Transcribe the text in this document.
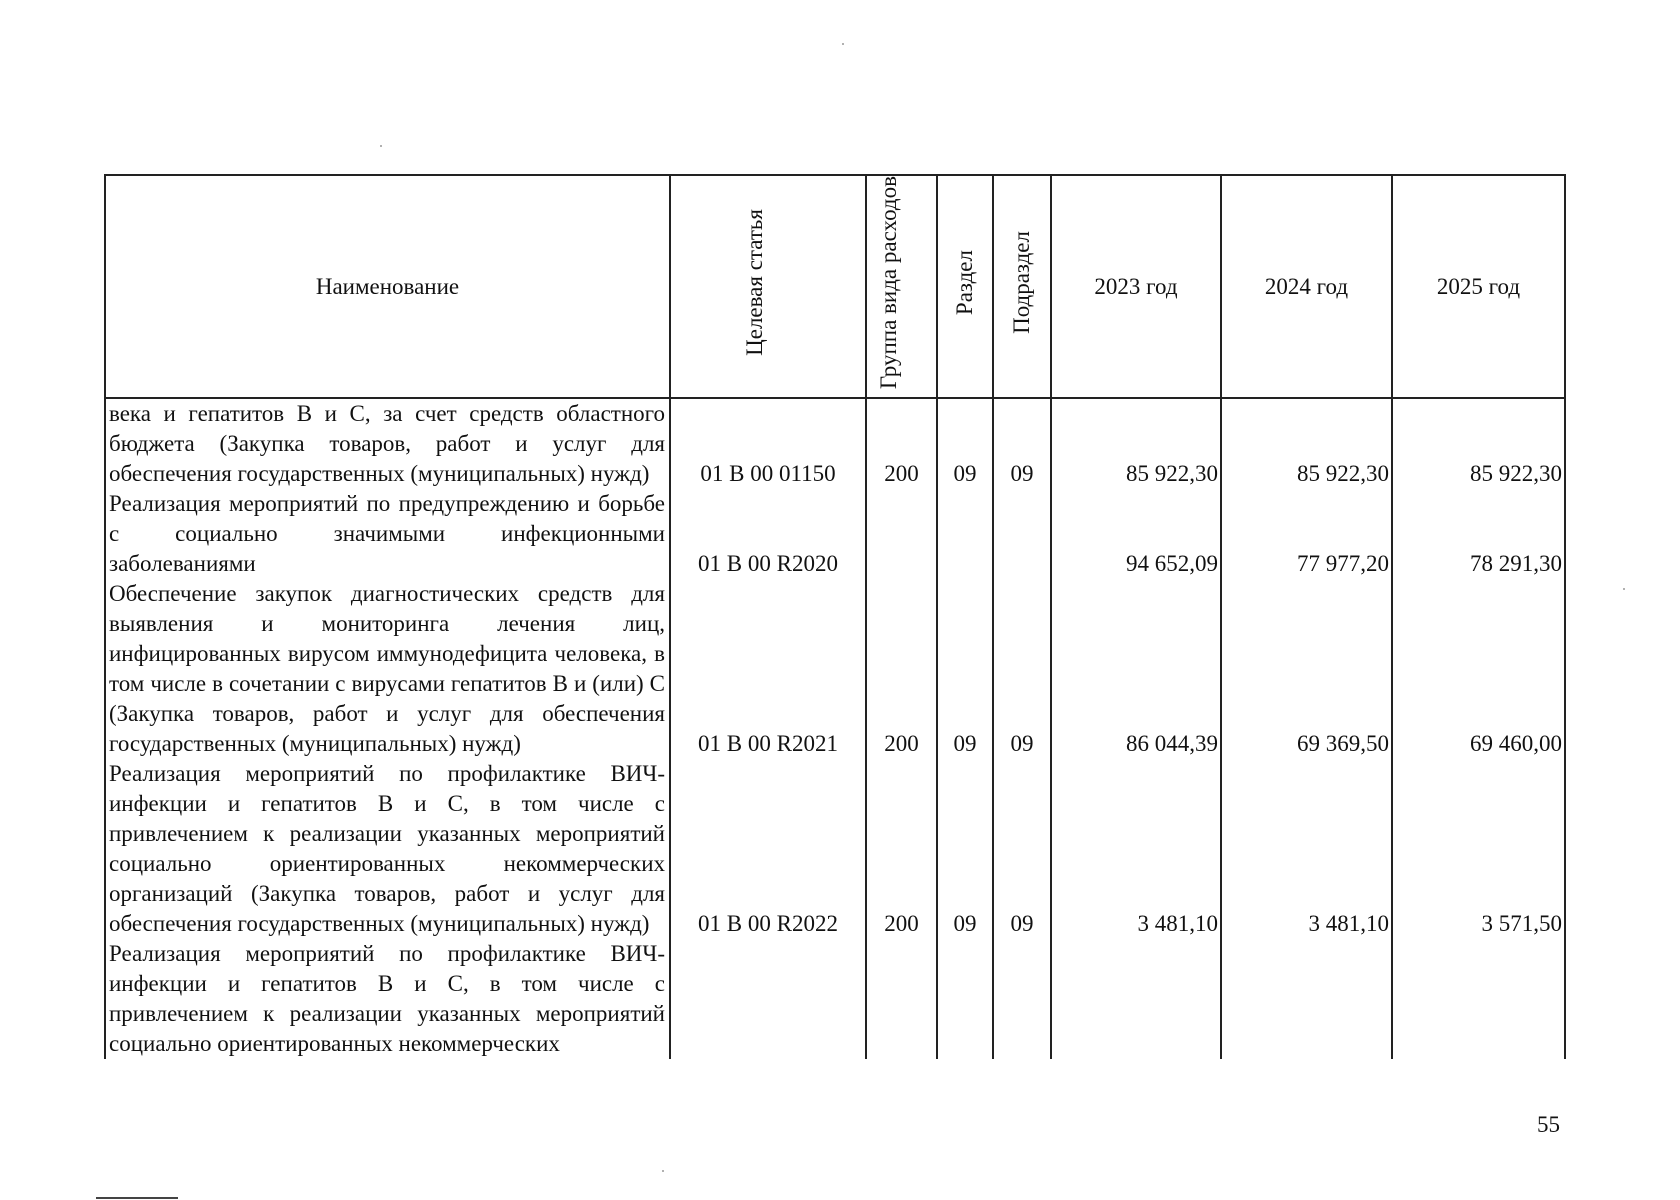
Наименование	Целевая статья	Группа вида расходов	Раздел	Подраздел	2023 год	2024 год	2025 год
века и гепатитов В и С, за счет средств областного бюджета (Закупка товаров, работ и услуг для обеспечения государственных (муниципальных) нужд)	01 В 00 01150	200	09	09	85 922,30	85 922,30	85 922,30
Реализация мероприятий по предупреждению и борьбе с социально значимыми инфекционными заболеваниями	01 В 00 R2020				94 652,09	77 977,20	78 291,30
Обеспечение закупок диагностических средств для выявления и мониторинга лечения лиц, инфицированных вирусом иммунодефицита человека, в том числе в сочетании с вирусами гепатитов В и (или) С (Закупка товаров, работ и услуг для обеспечения государственных (муниципальных) нужд)	01 В 00 R2021	200	09	09	86 044,39	69 369,50	69 460,00
Реализация мероприятий по профилактике ВИЧ-инфекции и гепатитов В и С, в том числе с привлечением к реализации указанных мероприятий социально ориентированных некоммерческих организаций (Закупка товаров, работ и услуг для обеспечения государственных (муниципальных) нужд)	01 В 00 R2022	200	09	09	3 481,10	3 481,10	3 571,50
Реализация мероприятий по профилактике ВИЧ-инфекции и гепатитов В и С, в том числе с привлечением к реализации указанных мероприятий социально ориентированных некоммерческих							
55
